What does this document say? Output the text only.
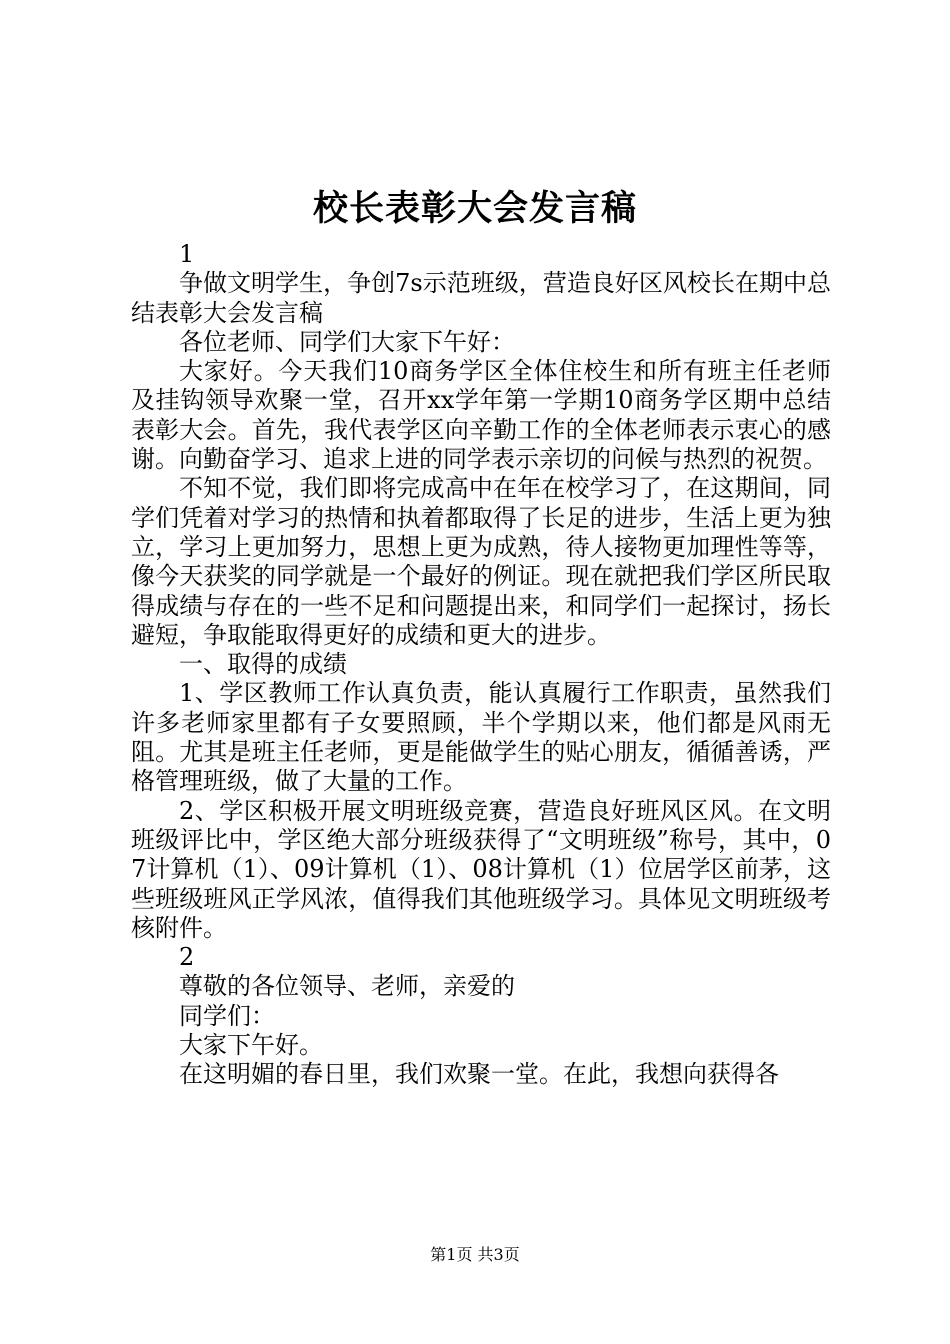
校长表彰大会发言稿

1

争做文明学生，争创7s示范班级，营造良好区风校长在期中总结表彰大会发言稿

各位老师、同学们大家下午好：

大家好。今天我们10商务学区全体住校生和所有班主任老师及挂钩领导欢聚一堂，召开xx学年第一学期10商务学区期中总结表彰大会。首先，我代表学区向辛勤工作的全体老师表示衷心的感谢。向勤奋学习、追求上进的同学表示亲切的问候与热烈的祝贺。

不知不觉，我们即将完成高中在年在校学习了，在这期间，同学们凭着对学习的热情和执着都取得了长足的进步，生活上更为独立，学习上更加努力，思想上更为成熟，待人接物更加理性等等，像今天获奖的同学就是一个最好的例证。现在就把我们学区所民取得成绩与存在的一些不足和问题提出来，和同学们一起探讨，扬长避短，争取能取得更好的成绩和更大的进步。

一、取得的成绩

1、学区教师工作认真负责，能认真履行工作职责，虽然我们许多老师家里都有子女要照顾，半个学期以来，他们都是风雨无阻。尤其是班主任老师，更是能做学生的贴心朋友，循循善诱，严格管理班级，做了大量的工作。

2、学区积极开展文明班级竞赛，营造良好班风区风。在文明班级评比中，学区绝大部分班级获得了“文明班级”称号，其中，07计算机（1）、09计算机（1）、08计算机（1）位居学区前茅，这些班级班风正学风浓，值得我们其他班级学习。具体见文明班级考核附件。

2

尊敬的各位领导、老师，亲爱的

同学们：

大家下午好。

在这明媚的春日里，我们欢聚一堂。在此，我想向获得各

第1页 共3页
